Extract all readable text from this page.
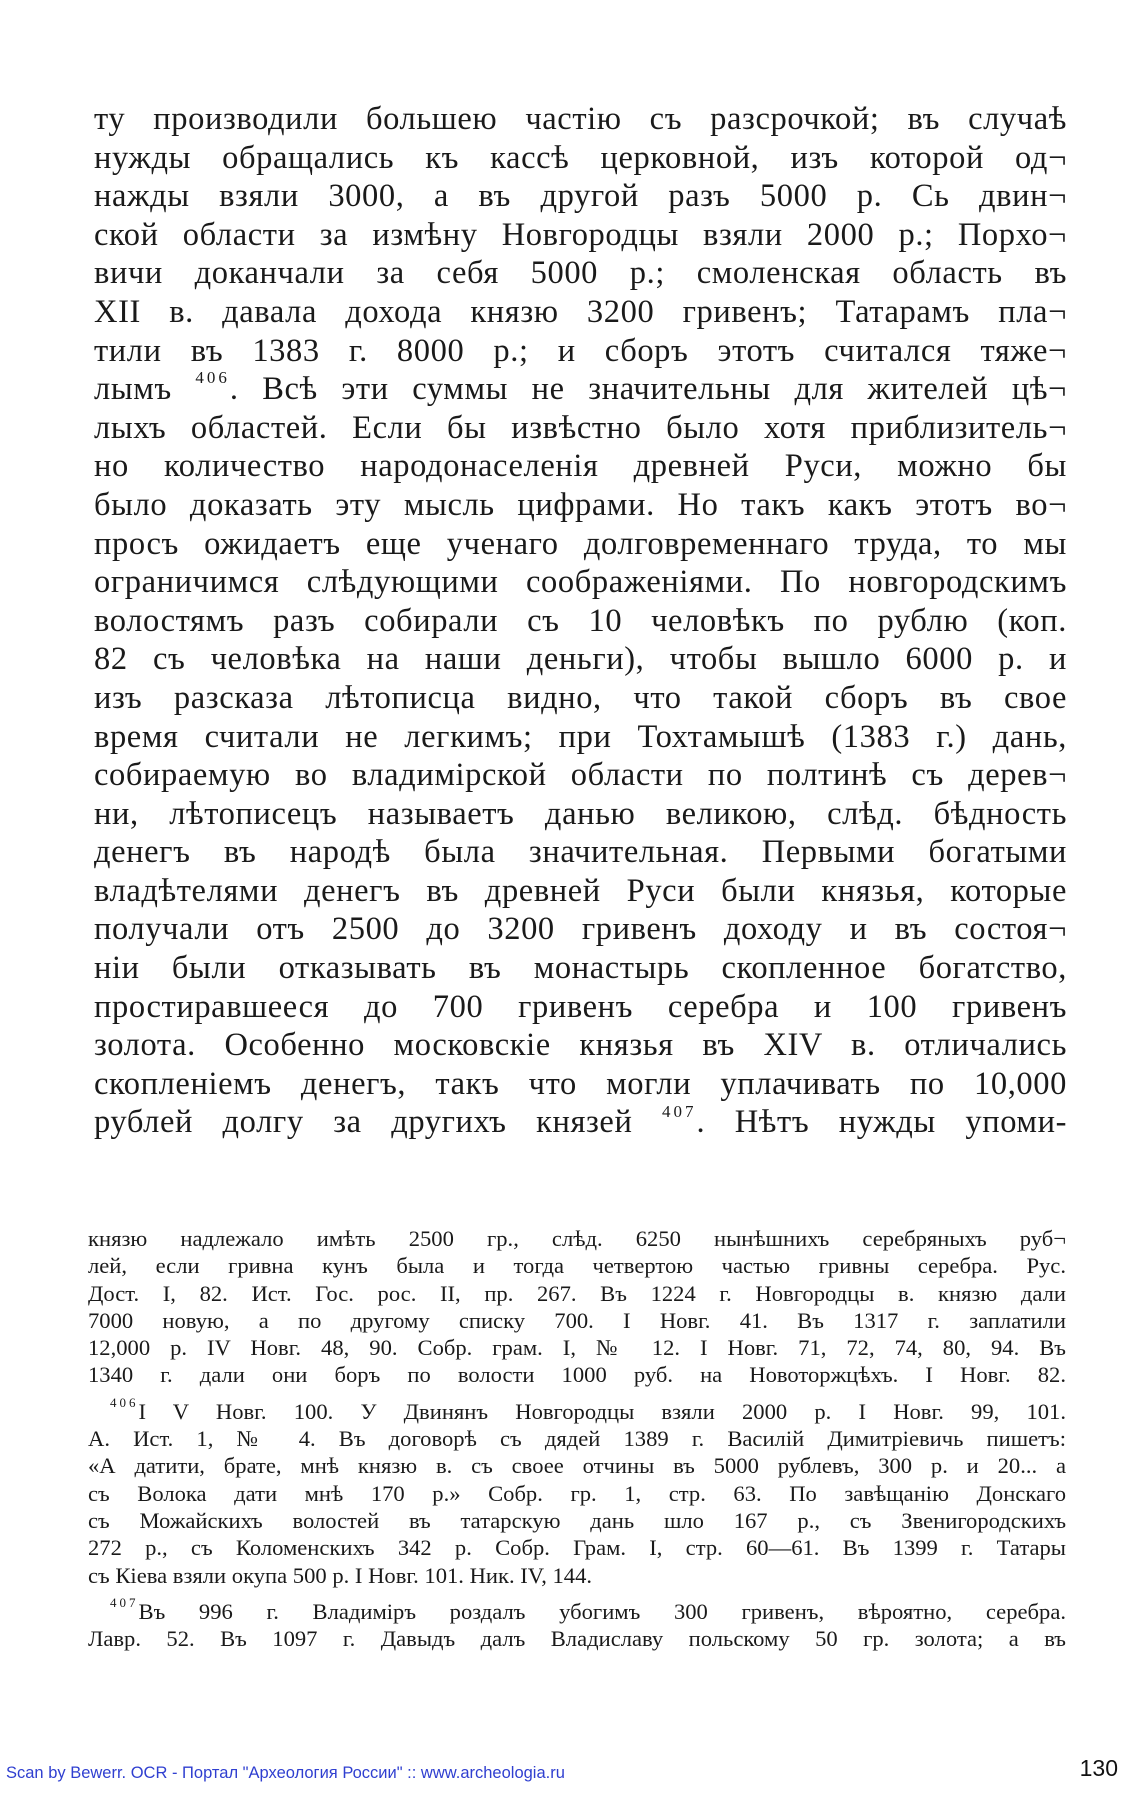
ту производили большею частію съ разсрочкой; въ случаѣ
нужды обращались къ кассѣ церковной, изъ которой од¬
нажды взяли 3000, а въ другой разъ 5000 р. Сь двин¬
ской области за измѣну Новгородцы взяли 2000 р.; Порхо¬
вичи доканчали за себя 5000 р.; смоленская область въ
XII в. давала дохода князю 3200 гривенъ; Татарамъ пла¬
тили въ 1383 г. 8000 р.; и сборъ этотъ считался тяже¬
лымъ $^{406}$. Всѣ эти суммы не значительны для жителей цѣ¬
лыхъ областей. Если бы извѣстно было хотя приблизитель¬
но количество народонаселенія древней Руси, можно бы
было доказать эту мысль цифрами. Но такъ какъ этотъ во¬
просъ ожидаетъ еще ученаго долговременнаго труда, то мы
ограничимся слѣдующими соображеніями. По новгородскимъ
волостямъ разъ собирали съ 10 человѣкъ по рублю (коп.
82 съ человѣка на наши деньги), чтобы вышло 6000 р. и
изъ разсказа лѣтописца видно, что такой сборъ въ свое
время считали не легкимъ; при Тохтамышѣ (1383 г.) дань,
собираемую во владимірской области по полтинѣ съ дерев¬
ни, лѣтописецъ называетъ данью великою, слѣд. бѣдность
денегъ въ народѣ была значительная. Первыми богатыми
владѣтелями денегъ въ древней Руси были князья, которые
получали отъ 2500 до 3200 гривенъ доходу и въ состоя¬
ніи были отказывать въ монастырь скопленное богатство,
простиравшееся до 700 гривенъ серебра и 100 гривенъ
золота. Особенно московскіе князья въ XIV в. отличались
скопленіемъ денегъ, такъ что могли уплачивать по 10,000
рублей долгу за другихъ князей $^{407}$. Нѣтъ нужды упоми-
князю надлежало имѣть 2500 гр., слѣд. 6250 нынѣшнихъ серебряныхъ руб¬
лей, если гривна кунъ была и тогда четвертою частью гривны серебра. Рус.
Дост. I, 82. Ист. Гос. рос. II, пр. 267. Въ 1224 г. Новгородцы в. князю дали
7000 новую, а по другому списку 700. I Новг. 41. Въ 1317 г. заплатили
12,000 р. IV Новг. 48, 90. Собр. грам. I, № 12. I Новг. 71, 72, 74, 80, 94. Въ
1340 г. дали они боръ по волости 1000 руб. на Новоторжцѣхъ. I Новг. 82.
$^{406}$I V Новг. 100. У Двинянъ Новгородцы взяли 2000 р. I Новг. 99, 101.
А. Ист. 1, № 4. Въ договорѣ съ дядей 1389 г. Василій Димитріевичь пишетъ:
«А датити, брате, мнѣ князю в. съ своее отчины въ 5000 рублевъ, 300 р. и 20... а
съ Волока дати мнѣ 170 р.» Собр. гр. 1, стр. 63. По завѣщанію Донскаго
съ Можайскихъ волостей въ татарскую дань шло 167 р., съ Звенигородскихъ
272 р., съ Коломенскихъ 342 р. Собр. Грам. I, стр. 60—61. Въ 1399 г. Татары
съ Кіева взяли окупа 500 р. I Новг. 101. Ник. IV, 144.
$^{407}$Въ 996 г. Владиміръ роздалъ убогимъ 300 гривенъ, вѣроятно, серебра.
Лавр. 52. Въ 1097 г. Давыдъ далъ Владиславу польскому 50 гр. золота; а въ
Scan by Bewerr. OCR - Портал "Археология России" :: www.archeologia.ru	130
